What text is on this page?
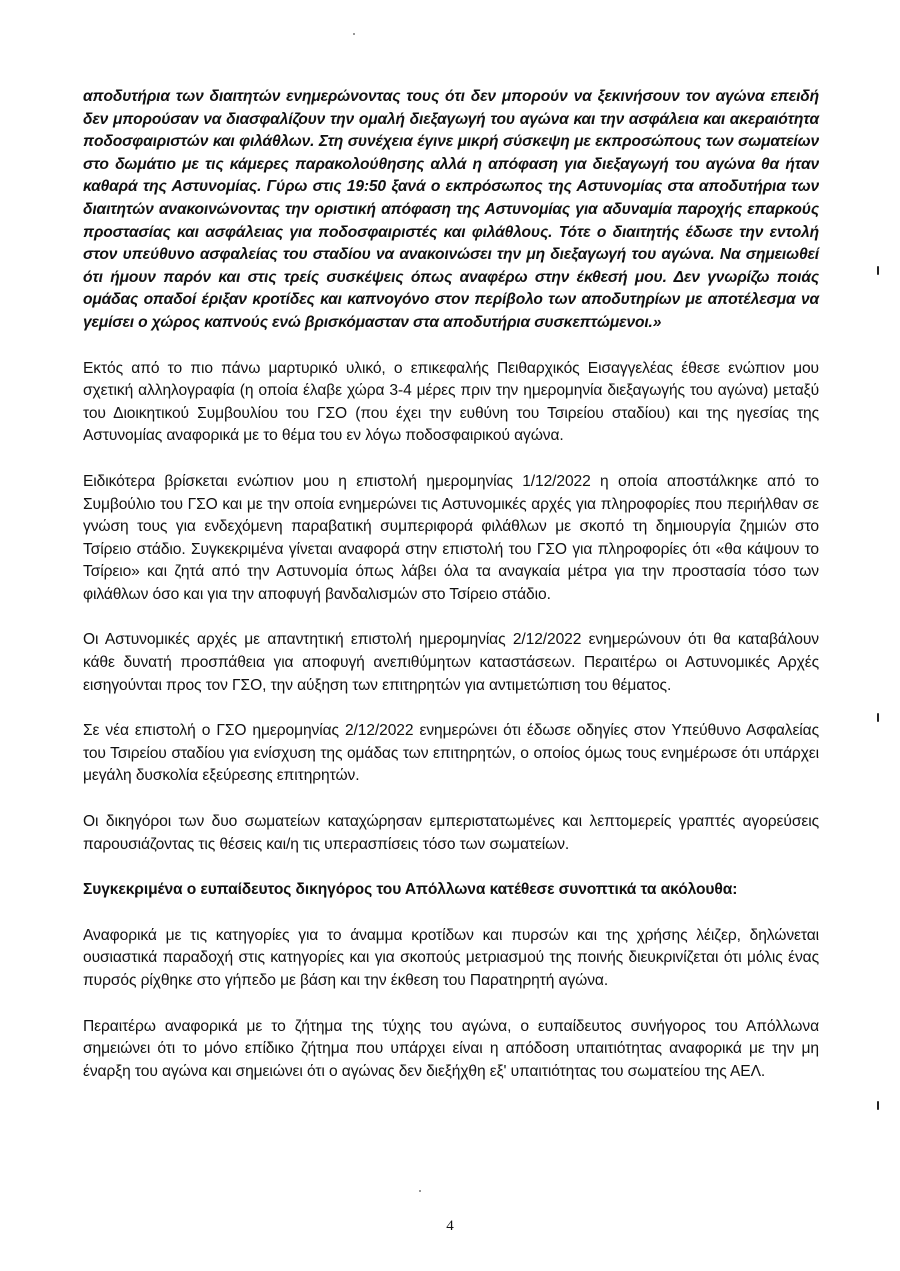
αποδυτήρια των διαιτητών ενημερώνοντας τους ότι δεν μπορούν να ξεκινήσουν τον αγώνα επειδή δεν μπορούσαν να διασφαλίζουν την ομαλή διεξαγωγή του αγώνα και την ασφάλεια και ακεραιότητα ποδοσφαιριστών και φιλάθλων. Στη συνέχεια έγινε μικρή σύσκεψη με εκπροσώπους των σωματείων στο δωμάτιο με τις κάμερες παρακολούθησης αλλά η απόφαση για διεξαγωγή του αγώνα θα ήταν καθαρά της Αστυνομίας. Γύρω στις 19:50 ξανά ο εκπρόσωπος της Αστυνομίας στα αποδυτήρια των διαιτητών ανακοινώνοντας την οριστική απόφαση της Αστυνομίας για αδυναμία παροχής επαρκούς προστασίας και ασφάλειας για ποδοσφαιριστές και φιλάθλους. Τότε ο διαιτητής έδωσε την εντολή στον υπεύθυνο ασφαλείας του σταδίου να ανακοινώσει την μη διεξαγωγή του αγώνα. Να σημειωθεί ότι ήμουν παρόν και στις τρείς συσκέψεις όπως αναφέρω στην έκθεσή μου. Δεν γνωρίζω ποιάς ομάδας οπαδοί έριξαν κροτίδες και καπνογόνο στον περίβολο των αποδυτηρίων με αποτέλεσμα να γεμίσει ο χώρος καπνούς ενώ βρισκόμασταν στα αποδυτήρια συσκεπτώμενοι.»

Εκτός από το πιο πάνω μαρτυρικό υλικό, ο επικεφαλής Πειθαρχικός Εισαγγελέας έθεσε ενώπιον μου σχετική αλληλογραφία (η οποία έλαβε χώρα 3-4 μέρες πριν την ημερομηνία διεξαγωγής του αγώνα) μεταξύ του Διοικητικού Συμβουλίου του ΓΣΟ (που έχει την ευθύνη του Τσιρείου σταδίου) και της ηγεσίας της Αστυνομίας αναφορικά με το θέμα του εν λόγω ποδοσφαιρικού αγώνα.

Ειδικότερα βρίσκεται ενώπιον μου η επιστολή ημερομηνίας 1/12/2022 η οποία αποστάλκηκε από το Συμβούλιο του ΓΣΟ και με την οποία ενημερώνει τις Αστυνομικές αρχές για πληροφορίες που περιήλθαν σε γνώση τους για ενδεχόμενη παραβατική συμπεριφορά φιλάθλων με σκοπό τη δημιουργία ζημιών στο Τσίρειο στάδιο. Συγκεκριμένα γίνεται αναφορά στην επιστολή του ΓΣΟ για πληροφορίες ότι «θα κάψουν το Τσίρειο» και ζητά από την Αστυνομία όπως λάβει όλα τα αναγκαία μέτρα για την προστασία τόσο των φιλάθλων όσο και για την αποφυγή βανδαλισμών στο Τσίρειο στάδιο.

Οι Αστυνομικές αρχές με απαντητική επιστολή ημερομηνίας 2/12/2022 ενημερώνουν ότι θα καταβάλουν κάθε δυνατή προσπάθεια για αποφυγή ανεπιθύμητων καταστάσεων. Περαιτέρω οι Αστυνομικές Αρχές εισηγούνται προς τον ΓΣΟ, την αύξηση των επιτηρητών για αντιμετώπιση του θέματος.

Σε νέα επιστολή ο ΓΣΟ ημερομηνίας 2/12/2022 ενημερώνει ότι έδωσε οδηγίες στον Υπεύθυνο Ασφαλείας του Τσιρείου σταδίου για ενίσχυση της ομάδας των επιτηρητών, ο οποίος όμως τους ενημέρωσε ότι υπάρχει μεγάλη δυσκολία εξεύρεσης επιτηρητών.

Οι δικηγόροι των δυο σωματείων καταχώρησαν εμπεριστατωμένες και λεπτομερείς γραπτές αγορεύσεις παρουσιάζοντας τις θέσεις και/η τις υπερασπίσεις τόσο των σωματείων.

Συγκεκριμένα ο ευπαίδευτος δικηγόρος του Απόλλωνα κατέθεσε συνοπτικά τα ακόλουθα:

Αναφορικά με τις κατηγορίες για το άναμμα κροτίδων και πυρσών και της χρήσης λέιζερ, δηλώνεται ουσιαστικά παραδοχή στις κατηγορίες και για σκοπούς μετριασμού της ποινής διευκρινίζεται ότι μόλις ένας πυρσός ρίχθηκε στο γήπεδο με βάση και την έκθεση του Παρατηρητή αγώνα.

Περαιτέρω αναφορικά με το ζήτημα της τύχης του αγώνα, ο ευπαίδευτος συνήγορος του Απόλλωνα σημειώνει ότι το μόνο επίδικο ζήτημα που υπάρχει είναι η απόδοση υπαιτιότητας αναφορικά με την μη έναρξη του αγώνα και σημειώνει ότι ο αγώνας δεν διεξήχθη εξ' υπαιτιότητας του σωματείου της ΑΕΛ.

4
